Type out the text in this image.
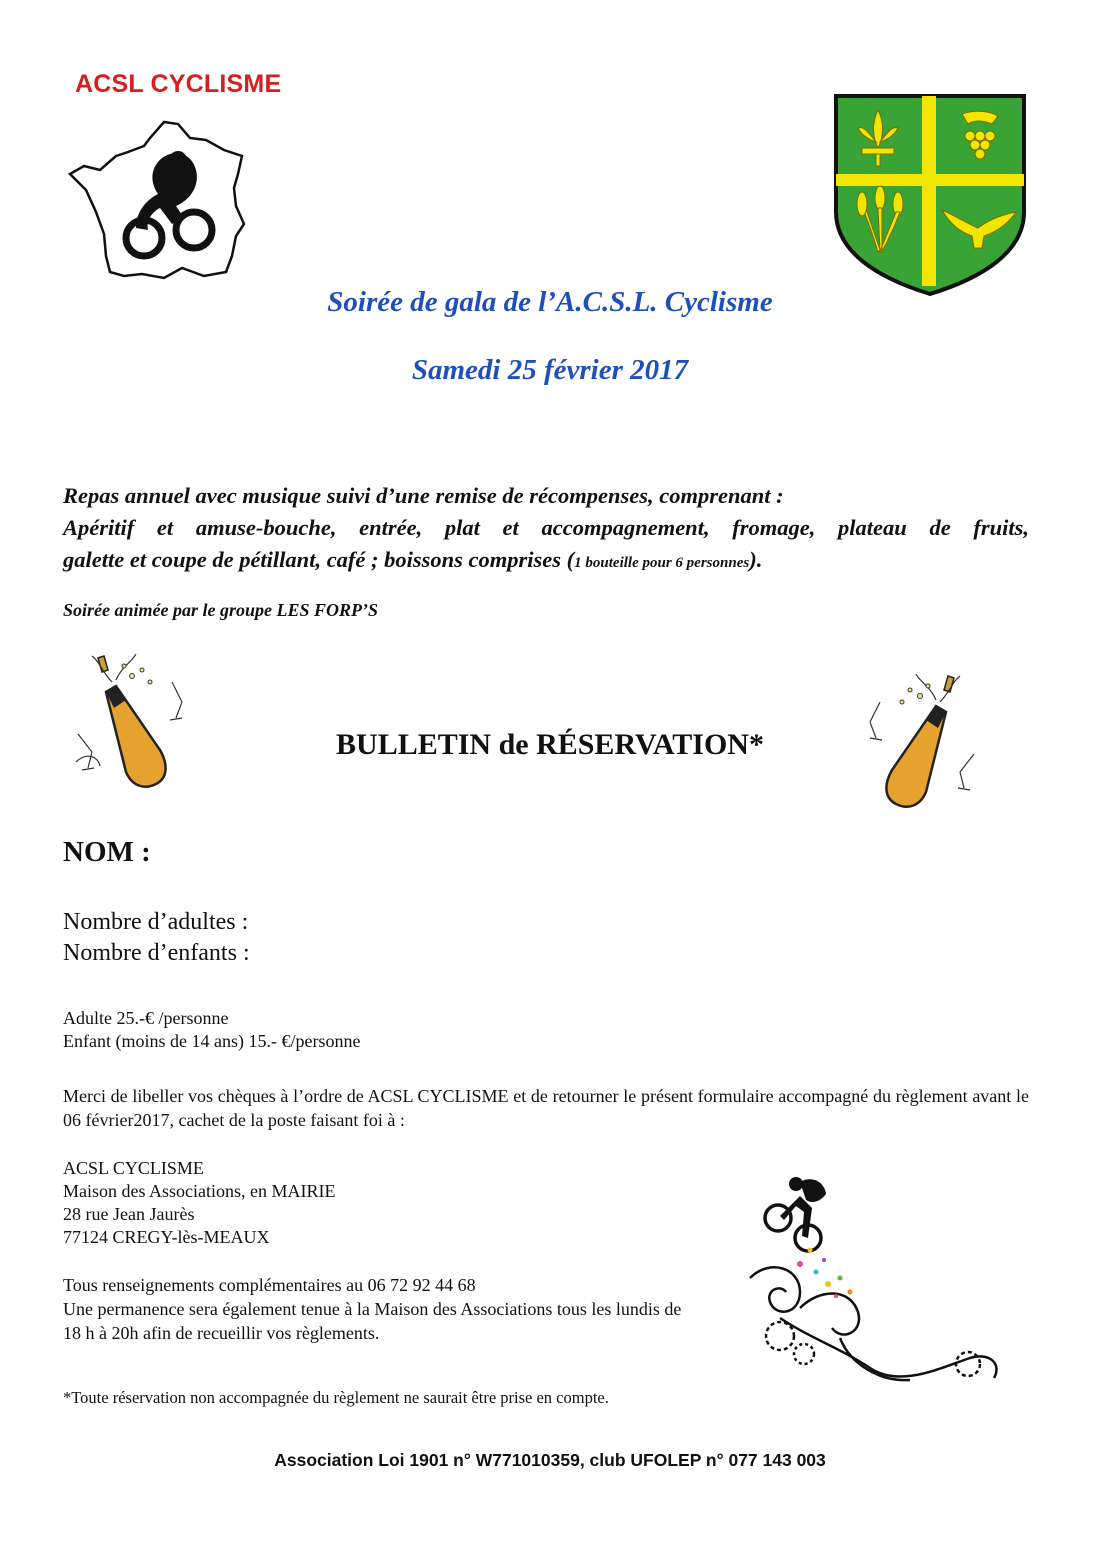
ACSL CYCLISME
Soirée de gala de l’A.C.S.L. Cyclisme
Samedi 25 février 2017

Repas annuel avec musique suivi d’une remise de récompenses, comprenant :

Apéritif et amuse-bouche, entrée, plat et accompagnement, fromage, plateau de fruits,

galette et coupe de pétillant, café ; boissons comprises (1 bouteille pour 6 personnes).

Soirée animée par le groupe LES FORP’S
BULLETIN de RÉSERVATION*
NOM :
Nombre d’adultes :
Nombre d’enfants :
Adulte 25.-€ /personne
Enfant (moins de 14 ans) 15.- €/personne
Merci de libeller vos chèques à l’ordre de ACSL CYCLISME et de retourner le présent formulaire accompagné du règlement avant le 06 février2017, cachet de la poste faisant foi à :
ACSL CYCLISME
Maison des Associations, en MAIRIE
28 rue Jean Jaurès
77124 CREGY-lès-MEAUX
Tous renseignements complémentaires au 06 72 92 44 68
Une permanence sera également tenue à la Maison des Associations tous les lundis de 18 h à 20h afin de recueillir vos règlements.
*Toute réservation non accompagnée du règlement ne saurait être prise en compte.
Association Loi 1901 n° W771010359, club UFOLEP n° 077 143 003
